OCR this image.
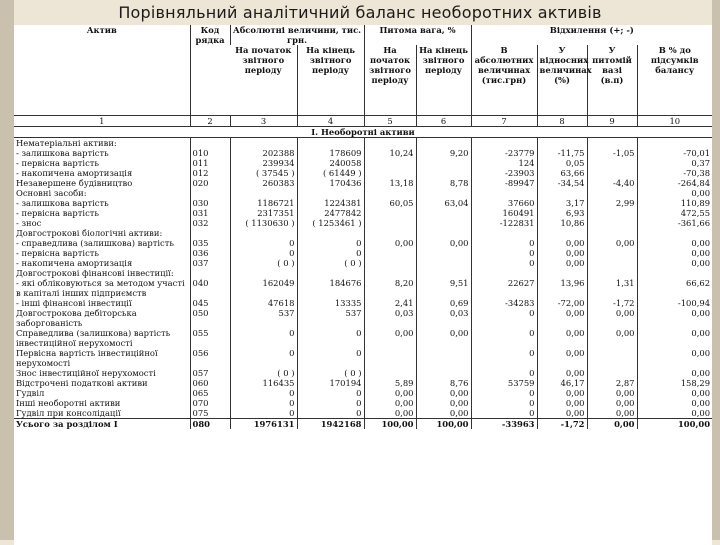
Порівняльний аналітичний баланс необоротних активів
Актив	Код рядка	Абсолютні величини, тис. грн.		Питома вага, %		Відхилення (+; -)			
		На початок звітного періоду	На кінець звітного періоду	На початок звітного періоду	На кінець звітного періоду	В абсолютних величинах (тис.грн)	У відносних величинах (%)	У питомій вазі (в.п)	В % до підсумків балансу
1	2	3	4	5	6	7	8	9	10
І. Необоротні активи									
Нематеріальні активи:									
- залишкова вартість	010	202388	178609	10,24	9,20	-23779	-11,75	-1,05	-70,01
- первісна вартість	011	239934	240058			124	0,05		0,37
- накопичена амортизація	012	( 37545 )	( 61449 )			-23903	63,66		-70,38
Незавершене будівництво	020	260383	170436	13,18	8,78	-89947	-34,54	-4,40	-264,84
Основні засоби:									0,00
- залишкова вартість	030	1186721	1224381	60,05	63,04	37660	3,17	2,99	110,89
- первісна вартість	031	2317351	2477842			160491	6,93		472,55
- знос	032	( 1130630 )	( 1253461 )			-122831	10,86		-361,66
Довгострокові біологічні активи:									
- справедлива (залишкова) вартість	035	0	0	0,00	0,00	0	0,00	0,00	0,00
- первісна вартість	036	0	0			0	0,00		0,00
- накопичена амортизація	037	( 0 )	( 0 )			0	0,00		0,00
Довгострокові фінансові інвестиції:									
- які обліковуються за методом участі в капіталі інших підприємств	040	162049	184676	8,20	9,51	22627	13,96	1,31	66,62
- інші фінансові інвестиції	045	47618	13335	2,41	0,69	-34283	-72,00	-1,72	-100,94
Довгострокова дебіторська заборгованість	050	537	537	0,03	0,03	0	0,00	0,00	0,00
Справедлива (залишкова) вартість інвестиційної нерухомості	055	0	0	0,00	0,00	0	0,00	0,00	0,00
Первісна вартість інвестиційної нерухомості	056	0	0			0	0,00		0,00
Знос інвестиційної нерухомості	057	( 0 )	( 0 )			0	0,00		0,00
Відстрочені податкові активи	060	116435	170194	5,89	8,76	53759	46,17	2,87	158,29
Гудвіл	065	0	0	0,00	0,00	0	0,00	0,00	0,00
Інші необоротні активи	070	0	0	0,00	0,00	0	0,00	0,00	0,00
Гудвіл при консолідації	075	0	0	0,00	0,00	0	0,00	0,00	0,00
Усього за розділом І	080	1976131	1942168	100,00	100,00	-33963	-1,72	0,00	100,00
